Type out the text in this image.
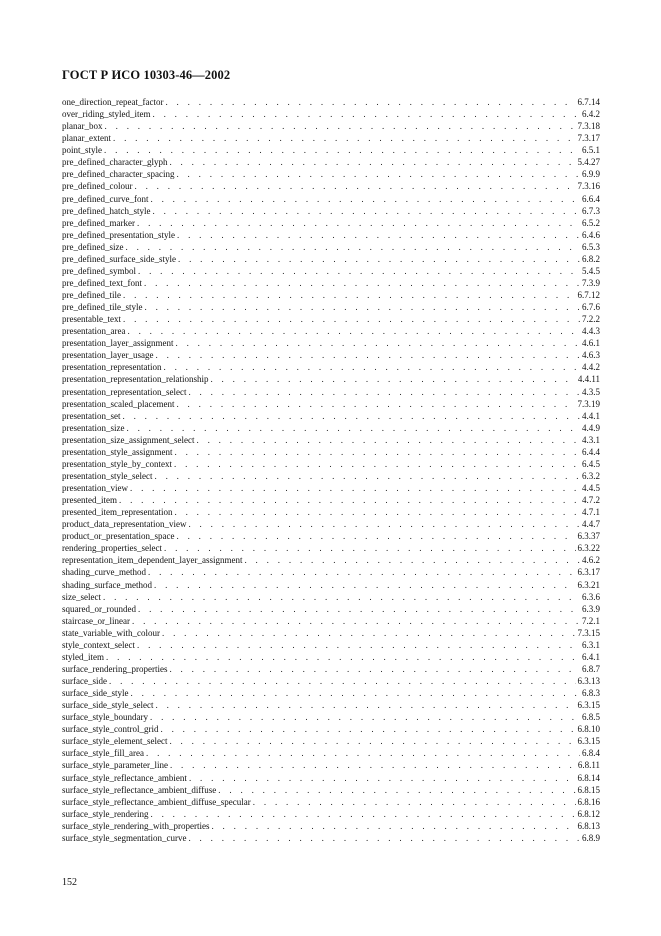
ГОСТ Р ИСО 10303-46—2002
one_direction_repeat_factor . . .	6.7.14
over_riding_styled_item . . .	6.4.2
planar_box . . .	7.3.18
planar_extent . . .	7.3.17
point_style . . .	6.5.1
pre_defined_character_glyph . . .	5.4.27
pre_defined_character_spacing . . .	6.9.9
pre_defined_colour . . .	7.3.16
pre_defined_curve_font . . .	6.6.4
pre_defined_hatch_style . . .	6.7.3
pre_defined_marker . . .	6.5.2
pre_defined_presentation_style . . .	6.4.6
pre_defined_size . . .	6.5.3
pre_defined_surface_side_style . . .	6.8.2
pre_defined_symbol . . .	5.4.5
pre_defined_text_font . . .	7.3.9
pre_defined_tile . . .	6.7.12
pre_defined_tile_style . . .	6.7.6
presentable_text . . .	7.2.2
presentation_area . . .	4.4.3
presentation_layer_assignment . . .	4.6.1
presentation_layer_usage . . .	4.6.3
presentation_representation . . .	4.4.2
presentation_representation_relationship . . .	4.4.11
presentation_representation_select . . .	4.3.5
presentation_scaled_placement . . .	7.3.19
presentation_set . . .	4.4.1
presentation_size . . .	4.4.9
presentation_size_assignment_select . . .	4.3.1
presentation_style_assignment . . .	6.4.4
presentation_style_by_context . . .	6.4.5
presentation_style_select . . .	6.3.2
presentation_view . . .	4.4.5
presented_item . . .	4.7.2
presented_item_representation . . .	4.7.1
product_data_representation_view . . .	4.4.7
product_or_presentation_space . . .	6.3.37
rendering_properties_select . . .	6.3.22
representation_item_dependent_layer_assignment . . .	4.6.2
shading_curve_method . . .	6.3.17
shading_surface_method . . .	6.3.21
size_select . . .	6.3.6
squared_or_rounded . . .	6.3.9
staircase_or_linear . . .	7.2.1
state_variable_with_colour . . .	7.3.15
style_context_select . . .	6.3.1
styled_item . . .	6.4.1
surface_rendering_properties . . .	6.8.7
surface_side . . .	6.3.13
surface_side_style . . .	6.8.3
surface_side_style_select . . .	6.3.15
surface_style_boundary . . .	6.8.5
surface_style_control_grid . . .	6.8.10
surface_style_element_select . . .	6.3.15
surface_style_fill_area . . .	6.8.4
surface_style_parameter_line . . .	6.8.11
surface_style_reflectance_ambient . . .	6.8.14
surface_style_reflectance_ambient_diffuse . . .	6.8.15
surface_style_reflectance_ambient_diffuse_specular . . .	6.8.16
surface_style_rendering . . .	6.8.12
surface_style_rendering_with_properties . . .	6.8.13
surface_style_segmentation_curve . . .	6.8.9
152
